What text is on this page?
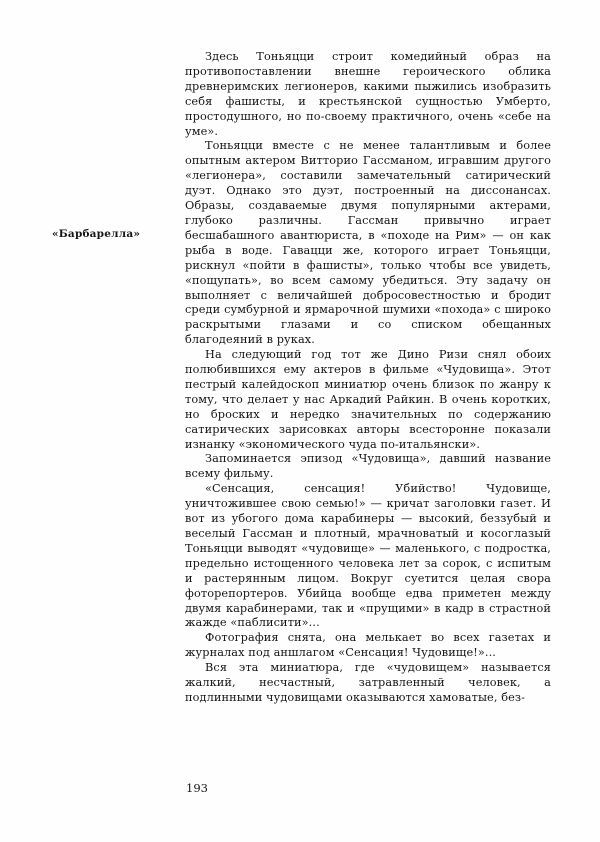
«Барбарелла»

Здесь Тоньяцци строит комедийный образ на противопоставлении внешне героического облика древнеримских легионеров, какими пыжились изобразить себя фашисты, и крестьянской сущностью Умберто, простодушного, но по-своему практичного, очень «себе на уме».

Тоньяцци вместе с не менее талантливым и более опытным актером Витторио Гассманом, игравшим другого «легионера», составили замечательный сатирический дуэт. Однако это дуэт, построенный на диссонансах. Образы, создаваемые двумя популярными актерами, глубоко различны. Гассман привычно играет бесшабашного авантюриста, в «походе на Рим» — он как рыба в воде. Гавацци же, которого играет Тоньяцци, рискнул «пойти в фашисты», только чтобы все увидеть, «пощупать», во всем самому убедиться. Эту задачу он выполняет с величайшей добросовестностью и бродит среди сумбурной и ярмарочной шумихи «похода» с широко раскрытыми глазами и со списком обещанных благодеяний в руках.

На следующий год тот же Дино Ризи снял обоих полюбившихся ему актеров в фильме «Чудовища». Этот пестрый калейдоскоп миниатюр очень близок по жанру к тому, что делает у нас Аркадий Райкин. В очень коротких, но броских и нередко значительных по содержанию сатирических зарисовках авторы всесторонне показали изнанку «экономического чуда по-итальянски».

Запоминается эпизод «Чудовища», давший название всему фильму.

«Сенсация, сенсация! Убийство! Чудовище, уничтожившее свою семью!» — кричат заголовки газет. И вот из убогого дома карабинеры — высокий, беззубый и веселый Гассман и плотный, мрачноватый и косоглазый Тоньяцци выводят «чудовище» — маленького, с подростка, предельно истощенного человека лет за сорок, с испитым и растерянным лицом. Вокруг суетится целая свора фоторепортеров. Убийца вообще едва приметен между двумя карабинерами, так и «прущими» в кадр в страстной жажде «паблисити»...

Фотография снята, она мелькает во всех газетах и журналах под аншлагом «Сенсация! Чудовище!»...

Вся эта миниатюра, где «чудовищем» называется жалкий, несчастный, затравленный человек, а подлинными чудовищами оказываются хамоватые, без-

193
